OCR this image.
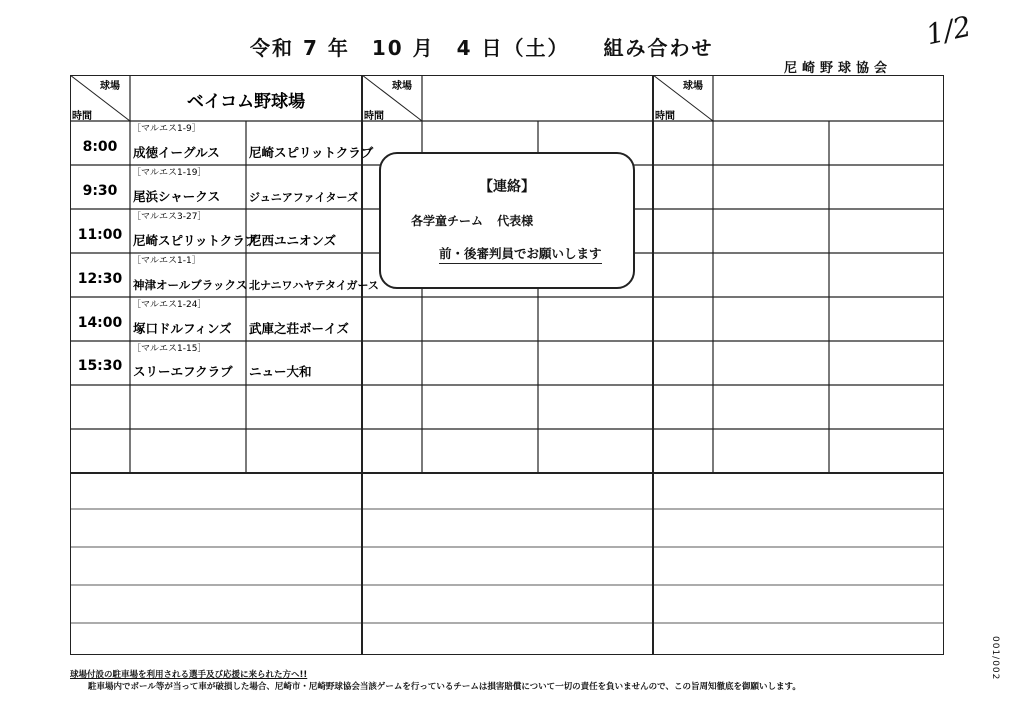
令和 7 年　10 月　4 日（土）　　組み合わせ
尼崎野球協会
1/2
球場
時間
ベイコム野球場
球場
時間
球場
時間
8:00
［マルエス1-9］
成徳イーグルス 尼崎スピリットクラブ
9:30
［マルエス1-19］
尾浜シャークス	ジュニアファイターズ
11:00
［マルエス3-27］
尼崎スピリットクラブ
尼西ユニオンズ
12:30
［マルエス1-1］
神津オールブラックス 北ナニワハヤテタイガース
14:00
［マルエス1-24］
塚口ドルフィンズ 武庫之荘ボーイズ
15:30
［マルエス1-15］
スリーエフクラブ ニュー大和
【連絡】
各学童チーム 代表様
前・後審判員でお願いします
球場付設の駐車場を利用される選手及び応援に来られた方へ!!
駐車場内でボール等が当って車が破損した場合、尼崎市・尼崎野球協会当該ゲームを行っているチームは損害賠償について一切の責任を負いませんので、この旨周知徹底を御願いします。
001/002
